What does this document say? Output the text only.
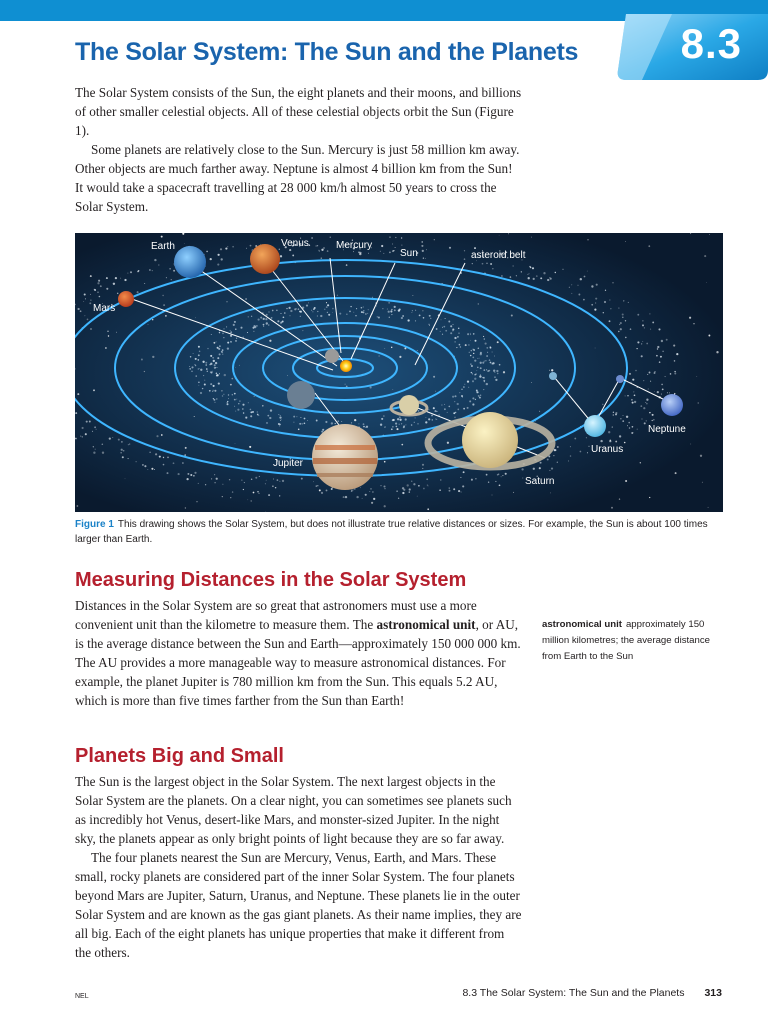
8.3
The Solar System: The Sun and the Planets

The Solar System consists of the Sun, the eight planets and their moons, and billions of other smaller celestial objects. All of these celestial objects orbit the Sun (Figure 1).

Some planets are relatively close to the Sun. Mercury is just 58 million km away. Other objects are much farther away. Neptune is almost 4 billion km from the Sun! It would take a spacecraft travelling at 28 000 km/h almost 50 years to cross the Solar System.

Earth	Venus	Mercury
Sun	asteroid belt
Mars
Jupiter
Saturn
Uranus
Neptune
Figure 1 This drawing shows the Solar System, but does not illustrate true relative distances or sizes. For example, the Sun is about 100 times larger than Earth.
Measuring Distances in the Solar System

Distances in the Solar System are so great that astronomers must use a more convenient unit than the kilometre to measure them. The astronomical unit, or AU, is the average distance between the Sun and Earth—approximately 150 000 000 km. The AU provides a more manageable way to measure astronomical distances. For example, the planet Jupiter is 780 million km from the Sun. This equals 5.2 AU, which is more than five times farther from the Sun than Earth!

astronomical unit approximately 150 million kilometres; the average distance from Earth to the Sun
Planets Big and Small

The Sun is the largest object in the Solar System. The next largest objects in the Solar System are the planets. On a clear night, you can sometimes see planets such as incredibly hot Venus, desert-like Mars, and monster-sized Jupiter. In the night sky, the planets appear as only bright points of light because they are so far away.

The four planets nearest the Sun are Mercury, Venus, Earth, and Mars. These small, rocky planets are considered part of the inner Solar System. The four planets beyond Mars are Jupiter, Saturn, Uranus, and Neptune. These planets lie in the outer Solar System and are known as the gas giant planets. As their name implies, they are all big. Each of the eight planets has unique properties that make it different from the others.

NEL	8.3 The Solar System: The Sun and the Planets 313
